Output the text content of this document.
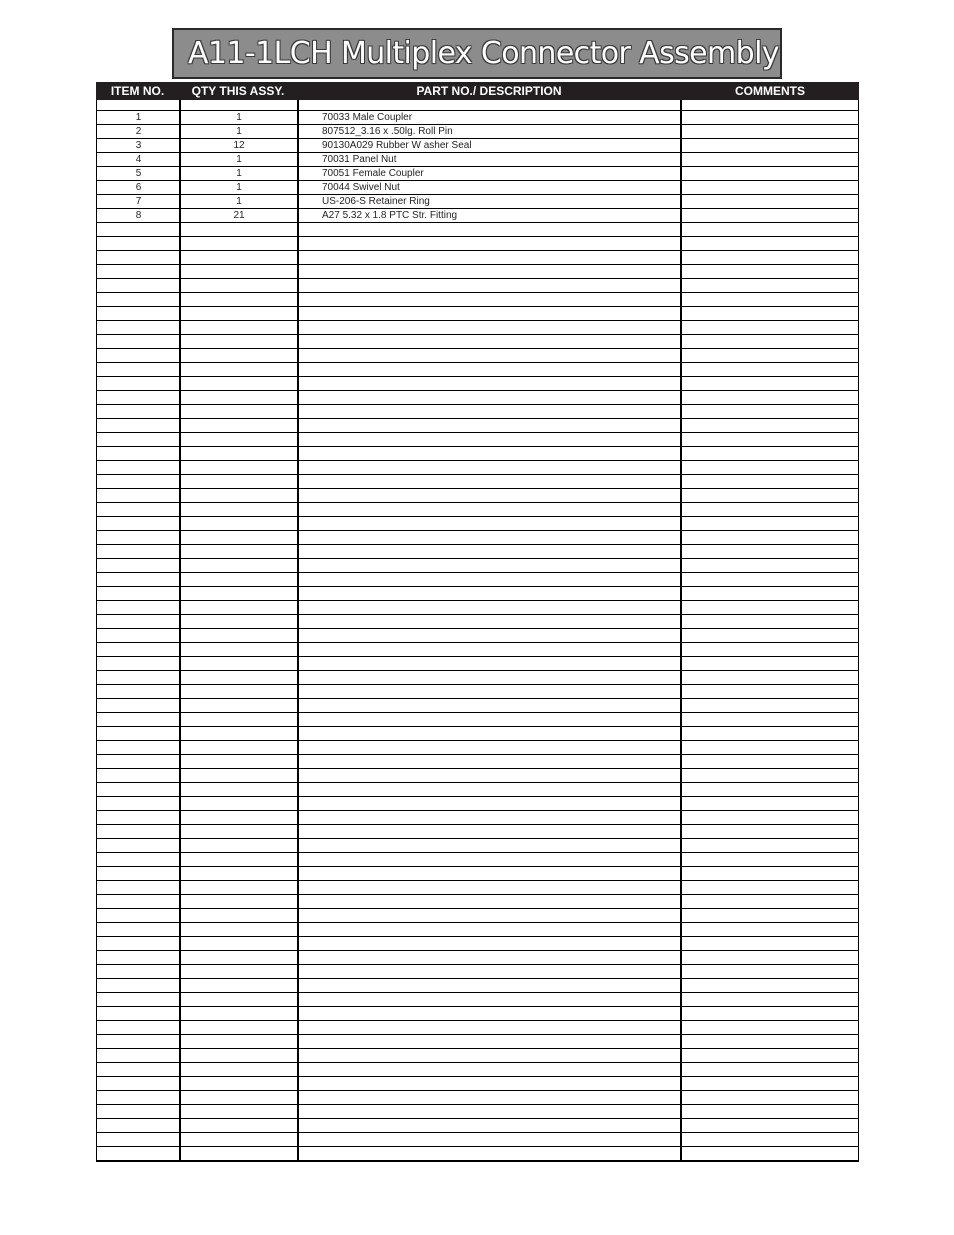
A11-1LCH Multiplex Connector Assembly
ITEM NO.	QTY THIS ASSY.	PART NO./ DESCRIPTION	COMMENTS
1	1	70033 Male Coupler
2	1	807512_3.16 x .50lg. Roll Pin
3	12	90130A029 Rubber W asher Seal
4	1	70031 Panel Nut
5	1	70051 Female Coupler
6	1	70044 Swivel Nut
7	1	US-206-S Retainer Ring
8	21	A27 5.32 x 1.8 PTC Str. Fitting
